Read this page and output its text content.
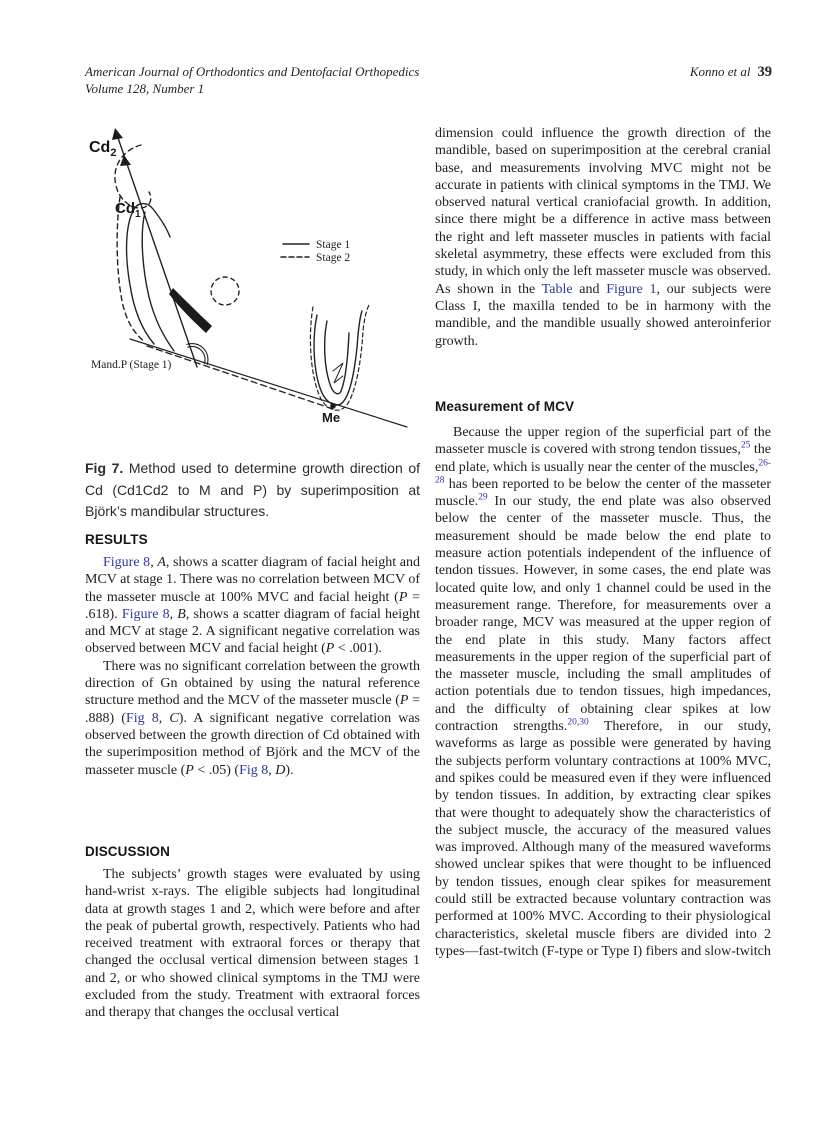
American Journal of Orthodontics and Dentofacial Orthopedics
Volume 128, Number 1
Konno et al 39
$Cd_2$
$Cd_1$
Me
Mand.P (Stage 1)
Stage 1
Stage 2

Fig 7. Method used to determine growth direction of Cd (Cd1Cd2 to M and P) by superimposition at Björk’s mandibular structures.

RESULTS

Figure 8, A, shows a scatter diagram of facial height and MCV at stage 1. There was no correlation between MCV of the masseter muscle at 100% MVC and facial height (P = .618). Figure 8, B, shows a scatter diagram of facial height and MCV at stage 2. A significant negative correlation was observed between MCV and facial height (P < .001).

There was no significant correlation between the growth direction of Gn obtained by using the natural reference structure method and the MCV of the masseter muscle (P = .888) (Fig 8, C). A significant negative correlation was observed between the growth direction of Cd obtained with the superimposition method of Björk and the MCV of the masseter muscle (P < .05) (Fig 8, D).

DISCUSSION

The subjects’ growth stages were evaluated by using hand-wrist x-rays. The eligible subjects had longitudinal data at growth stages 1 and 2, which were before and after the peak of pubertal growth, respectively. Patients who had received treatment with extraoral forces or therapy that changed the occlusal vertical dimension between stages 1 and 2, or who showed clinical symptoms in the TMJ were excluded from the study. Treatment with extraoral forces and therapy that changes the occlusal vertical

dimension could influence the growth direction of the mandible, based on superimposition at the cerebral cranial base, and measurements involving MVC might not be accurate in patients with clinical symptoms in the TMJ. We observed natural vertical craniofacial growth. In addition, since there might be a difference in active mass between the right and left masseter muscles in patients with facial skeletal asymmetry, these effects were excluded from this study, in which only the left masseter muscle was observed. As shown in the Table and Figure 1, our subjects were Class I, the maxilla tended to be in harmony with the mandible, and the mandible usually showed anteroinferior growth.

Measurement of MCV

Because the upper region of the superficial part of the masseter muscle is covered with strong tendon tissues,$^{25}$ the end plate, which is usually near the center of the muscles,$^{26-28}$ has been reported to be below the center of the masseter muscle.$^{29}$ In our study, the end plate was also observed below the center of the masseter muscle. Thus, the measurement should be made below the end plate to measure action potentials independent of the influence of tendon tissues. However, in some cases, the end plate was located quite low, and only 1 channel could be used in the measurement range. Therefore, for measurements over a broader range, MCV was measured at the upper region of the end plate in this study. Many factors affect measurements in the upper region of the superficial part of the masseter muscle, including the small amplitudes of action potentials due to tendon tissues, high impedances, and the difficulty of obtaining clear spikes at low contraction strengths.$^{20,30}$ Therefore, in our study, waveforms as large as possible were generated by having the subjects perform voluntary contractions at 100% MVC, and spikes could be measured even if they were influenced by tendon tissues. In addition, by extracting clear spikes that were thought to adequately show the characteristics of the subject muscle, the accuracy of the measured values was improved. Although many of the measured waveforms showed unclear spikes that were thought to be influenced by tendon tissues, enough clear spikes for measurement could still be extracted because voluntary contraction was performed at 100% MVC. According to their physiological characteristics, skeletal muscle fibers are divided into 2 types—fast-twitch (F-type or Type I) fibers and slow-twitch
